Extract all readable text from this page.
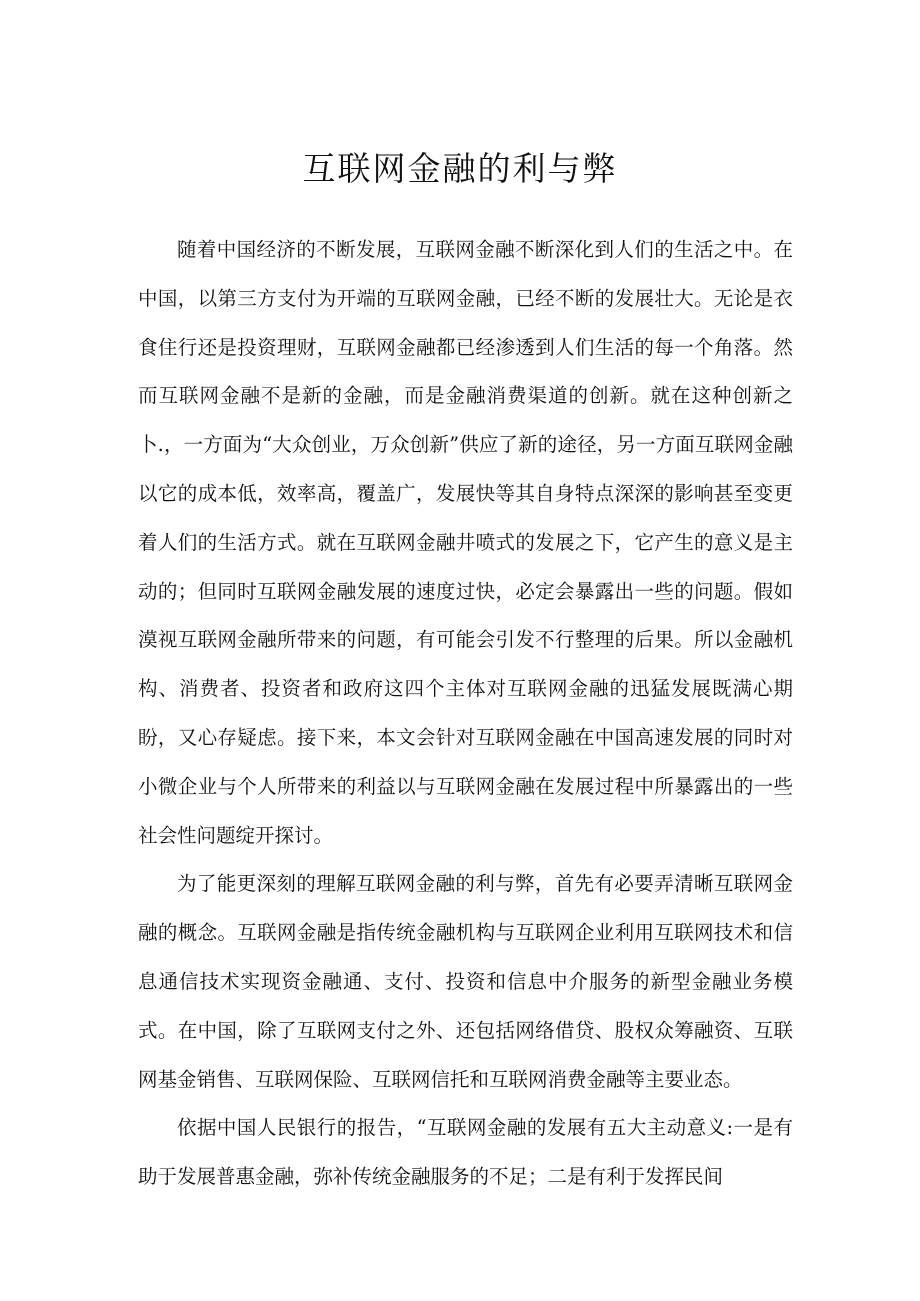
互联网金融的利与弊

随着中国经济的不断发展，互联网金融不断深化到人们的生活之中。在中国，以第三方支付为开端的互联网金融，已经不断的发展壮大。无论是衣食住行还是投资理财，互联网金融都已经渗透到人们生活的每一个角落。然而互联网金融不是新的金融，而是金融消费渠道的创新。就在这种创新之卜.，一方面为“大众创业，万众创新”供应了新的途径，另一方面互联网金融以它的成本低，效率高，覆盖广，发展快等其自身特点深深的影响甚至变更着人们的生活方式。就在互联网金融井喷式的发展之下，它产生的意义是主动的；但同时互联网金融发展的速度过快，必定会暴露出一些的问题。假如漠视互联网金融所带来的问题，有可能会引发不行整理的后果。所以金融机构、消费者、投资者和政府这四个主体对互联网金融的迅猛发展既满心期盼，又心存疑虑。接下来，本文会针对互联网金融在中国高速发展的同时对小微企业与个人所带来的利益以与互联网金融在发展过程中所暴露出的一些社会性问题绽开探讨。

为了能更深刻的理解互联网金融的利与弊，首先有必要弄清晰互联网金融的概念。互联网金融是指传统金融机构与互联网企业利用互联网技术和信息通信技术实现资金融通、支付、投资和信息中介服务的新型金融业务模式。在中国，除了互联网支付之外、还包括网络借贷、股权众筹融资、互联网基金销售、互联网保险、互联网信托和互联网消费金融等主要业态。

依据中国人民银行的报告，“互联网金融的发展有五大主动意义:一是有助于发展普惠金融，弥补传统金融服务的不足；二是有利于发挥民间
